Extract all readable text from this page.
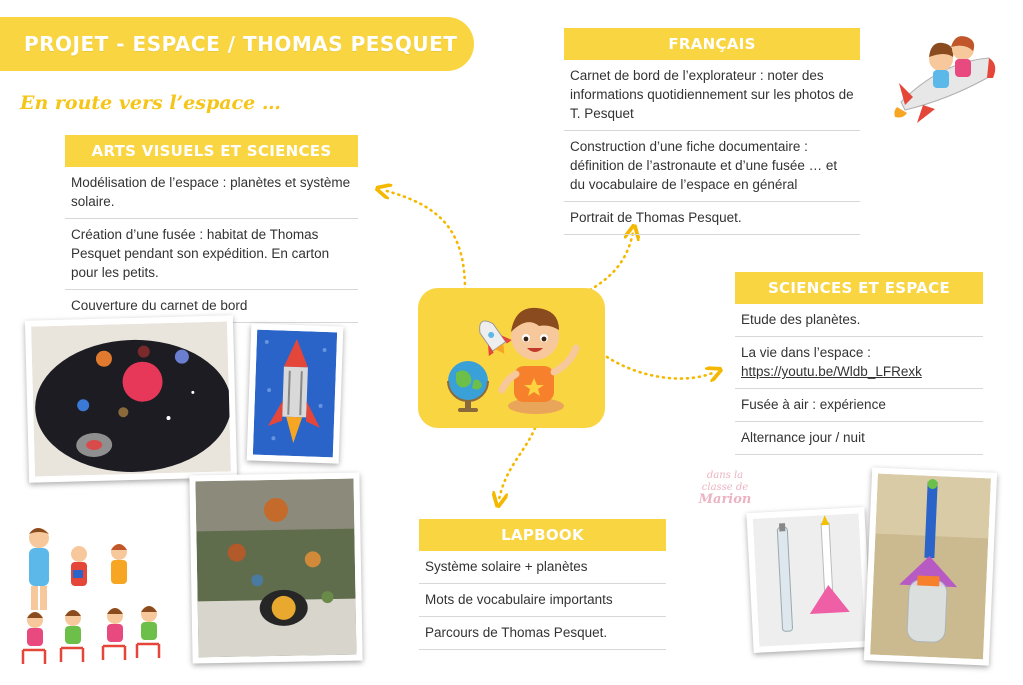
PROJET - ESPACE / THOMAS PESQUET
En route vers l’espace …
ARTS VISUELS ET SCIENCES
Modélisation de l’espace : planètes et système solaire.
Création d’une fusée : habitat de Thomas Pesquet pendant son expédition. En carton pour les petits.
Couverture du carnet de bord
FRANÇAIS
Carnet de bord de l’explorateur : noter des informations quotidiennement sur les photos de T. Pesquet
Construction d’une fiche documentaire : définition de l’astronaute et d’une fusée … et du vocabulaire de l’espace en général
Portrait de Thomas Pesquet.
SCIENCES ET ESPACE
Etude des planètes.
La vie dans l’espace : https://youtu.be/Wldb_LFRexk
Fusée à air : expérience
Alternance jour / nuit
LAPBOOK
Système solaire + planètes
Mots de vocabulaire importants
Parcours de Thomas Pesquet.
dans la classe de
Marion
